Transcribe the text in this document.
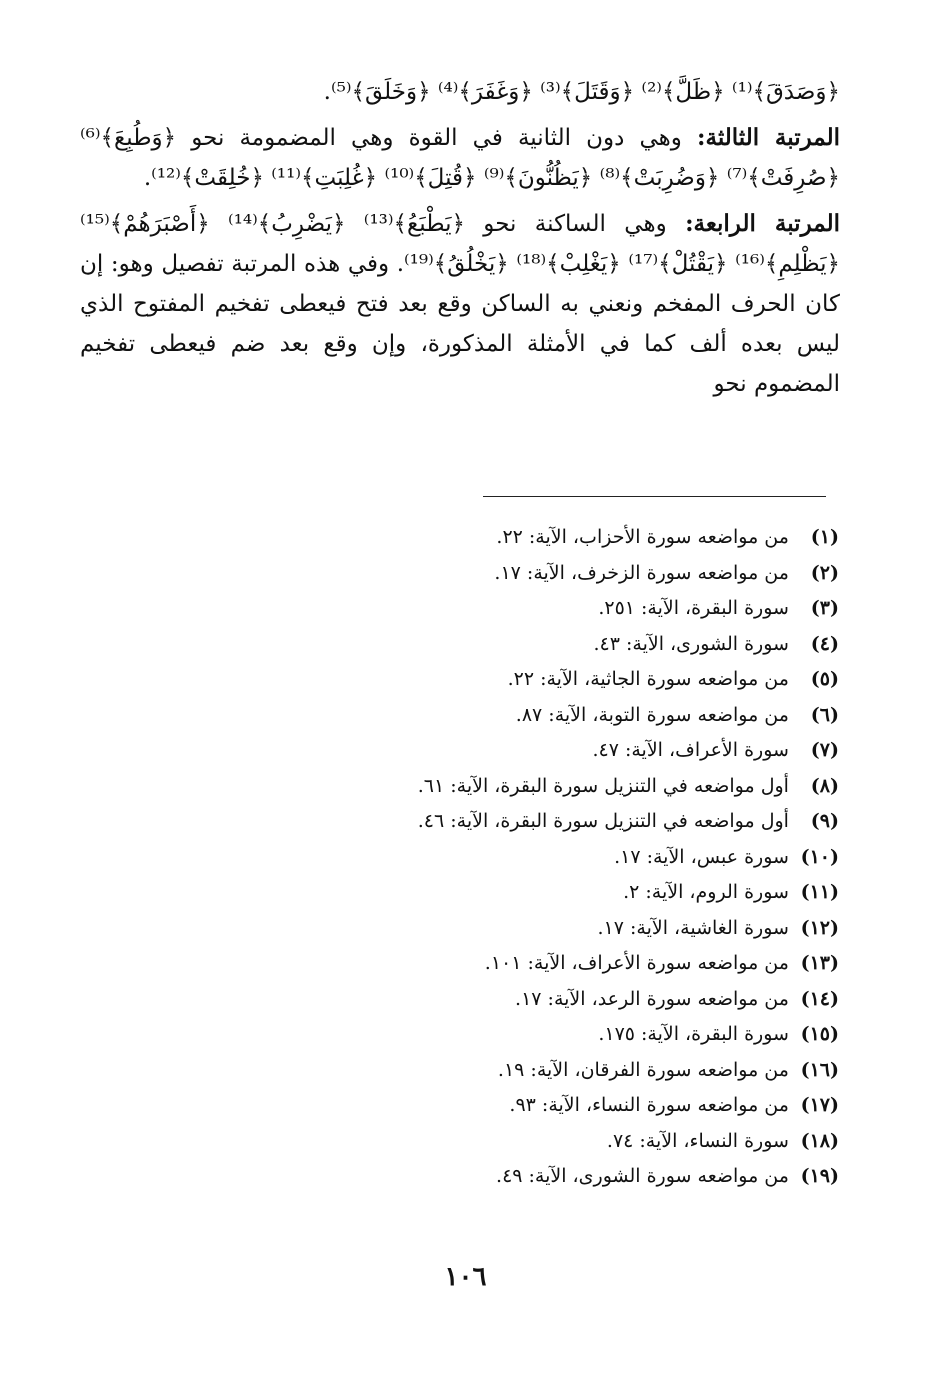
﴿وَصَدَقَ﴾⁽¹⁾ ﴿ظَلَّ﴾⁽²⁾ ﴿وَقَتَلَ﴾⁽³⁾ ﴿وَغَفَرَ﴾⁽⁴⁾ ﴿وَخَلَقَ﴾⁽⁵⁾.

المرتبة الثالثة: وهي دون الثانية في القوة وهي المضمومة نحو ﴿وَطُبِعَ﴾⁽⁶⁾ ﴿صُرِفَتْ﴾⁽⁷⁾ ﴿وَضُرِبَتْ﴾⁽⁸⁾ ﴿يَظُنُّونَ﴾⁽⁹⁾ ﴿قُتِلَ﴾⁽¹⁰⁾ ﴿غُلِبَتِ﴾⁽¹¹⁾ ﴿خُلِقَتْ﴾⁽¹²⁾.

المرتبة الرابعة: وهي الساكنة نحو ﴿يَطْبَعُ﴾⁽¹³⁾ ﴿يَضْرِبُ﴾⁽¹⁴⁾ ﴿أَصْبَرَهُمْ﴾⁽¹⁵⁾ ﴿يَظْلِمِ﴾⁽¹⁶⁾ ﴿يَقْتُلْ﴾⁽¹⁷⁾ ﴿يَغْلِبْ﴾⁽¹⁸⁾ ﴿يَخْلُقُ﴾⁽¹⁹⁾. وفي هذه المرتبة تفصيل وهو: إن كان الحرف المفخم ونعني به الساكن وقع بعد فتح فيعطى تفخيم المفتوح الذي ليس بعده ألف كما في الأمثلة المذكورة، وإن وقع بعد ضم فيعطى تفخيم المضموم نحو

(١) من مواضعه سورة الأحزاب، الآية: ٢٢.
(٢) من مواضعه سورة الزخرف، الآية: ١٧.
(٣) سورة البقرة، الآية: ٢٥١.
(٤) سورة الشورى، الآية: ٤٣.
(٥) من مواضعه سورة الجاثية، الآية: ٢٢.
(٦) من مواضعه سورة التوبة، الآية: ٨٧.
(٧) سورة الأعراف، الآية: ٤٧.
(٨) أول مواضعه في التنزيل سورة البقرة، الآية: ٦١.
(٩) أول مواضعه في التنزيل سورة البقرة، الآية: ٤٦.
(١٠) سورة عبس، الآية: ١٧.
(١١) سورة الروم، الآية: ٢.
(١٢) سورة الغاشية، الآية: ١٧.
(١٣) من مواضعه سورة الأعراف، الآية: ١٠١.
(١٤) من مواضعه سورة الرعد، الآية: ١٧.
(١٥) سورة البقرة، الآية: ١٧٥.
(١٦) من مواضعه سورة الفرقان، الآية: ١٩.
(١٧) من مواضعه سورة النساء، الآية: ٩٣.
(١٨) سورة النساء، الآية: ٧٤.
(١٩) من مواضعه سورة الشورى، الآية: ٤٩.
١٠٦
